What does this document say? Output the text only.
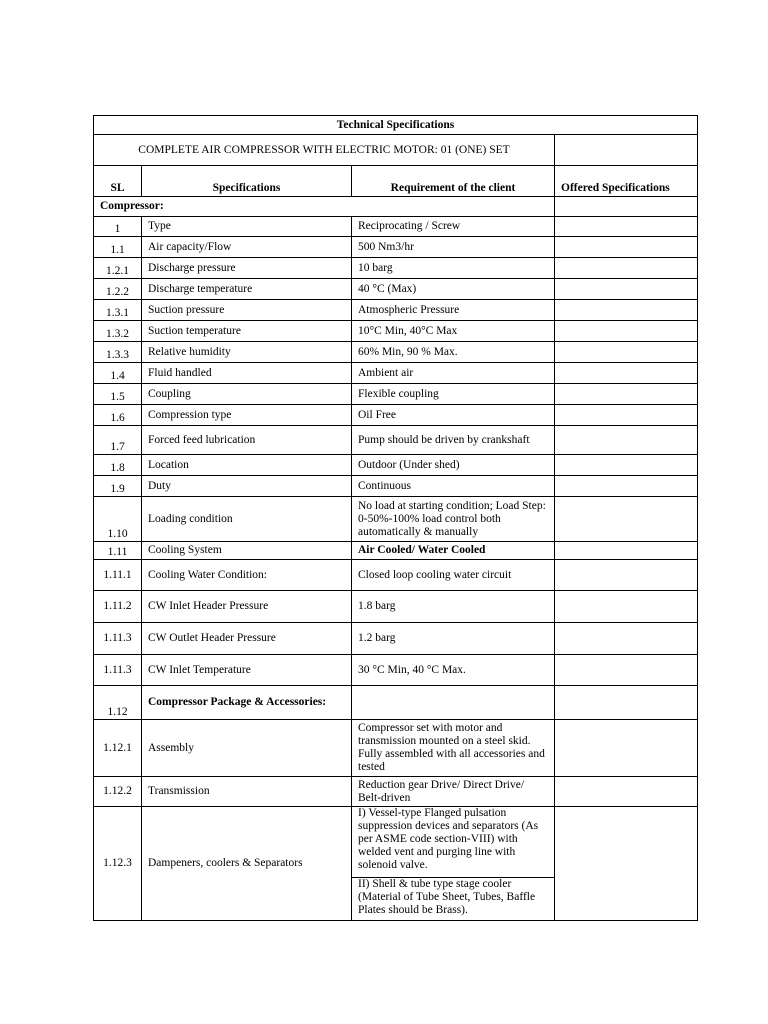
Technical Specifications			
COMPLETE AIR COMPRESSOR WITH ELECTRIC MOTOR: 01 (ONE) SET			
SL	Specifications	Requirement of the client	Offered Specifications
Compressor:			
1	Type	Reciprocating / Screw	
1.1	Air capacity/Flow	500 Nm3/hr	
1.2.1	Discharge pressure	10 barg	
1.2.2	Discharge temperature	40 °C (Max)	
1.3.1	Suction pressure	Atmospheric Pressure	
1.3.2	Suction temperature	10°C Min, 40°C Max	
1.3.3	Relative humidity	60% Min, 90 % Max.	
1.4	Fluid handled	Ambient air	
1.5	Coupling	Flexible coupling	
1.6	Compression type	Oil Free	
1.7	Forced feed lubrication	Pump should be driven by crankshaft	
1.8	Location	Outdoor (Under shed)	
1.9	Duty	Continuous	
1.10	Loading condition	No load at starting condition; Load Step: 0-50%-100% load control both automatically & manually	
1.11	Cooling System	Air Cooled/ Water Cooled	
1.11.1	Cooling Water Condition:	Closed loop cooling water circuit	
1.11.2	CW Inlet Header Pressure	1.8 barg	
1.11.3	CW Outlet Header Pressure	1.2 barg	
1.11.3	CW Inlet Temperature	30 °C Min, 40 °C Max.	
1.12	Compressor Package & Accessories:		
1.12.1	Assembly	Compressor set with motor and transmission mounted on a steel skid. Fully assembled with all accessories and tested	
1.12.2	Transmission	Reduction gear Drive/ Direct Drive/ Belt-driven	
1.12.3	Dampeners, coolers & Separators	I) Vessel-type Flanged pulsation suppression devices and separators (As per ASME code section-VIII) with welded vent and purging line with solenoid valve.	
		II) Shell & tube type stage cooler (Material of Tube Sheet, Tubes, Baffle Plates should be Brass).	
